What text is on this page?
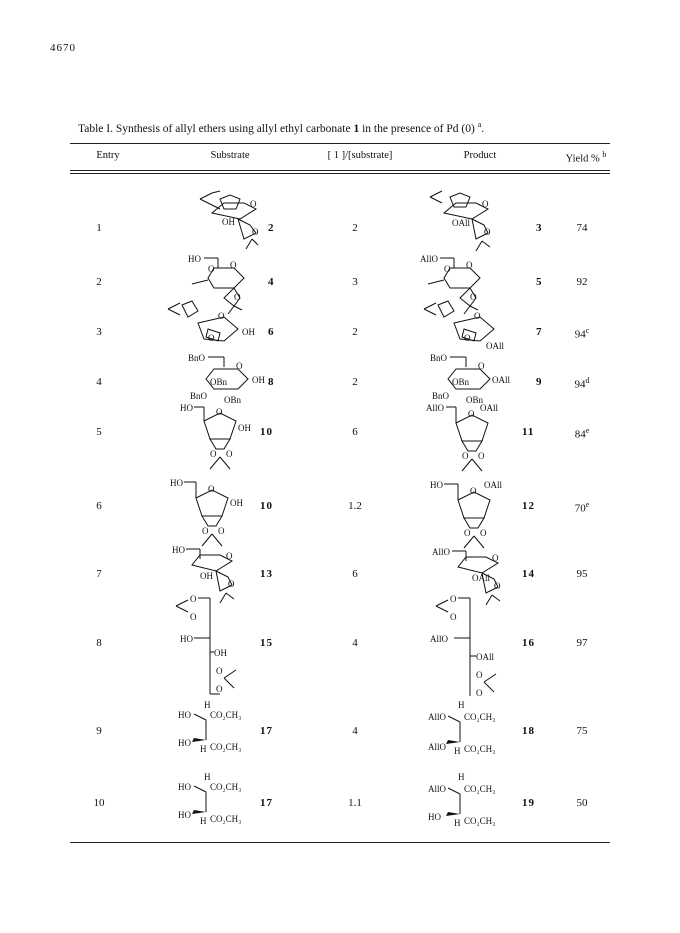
4670
Table I. Synthesis of allyl ethers using allyl ethyl carbonate 1 in the presence of Pd (0) $^a$.
Entry	Substrate	[ 1 ]/[substrate]	Product	Yield % $^b$
1	2	2	3	74
2	4	3	5	92
3	6	2	7	94$^c$
4	8	2	9	94$^d$
5	10	6	11	84e
6	10	1.2	12	70e
7	13	6	14	95
8	15	4	16	97
9	17	4	18	75
10	17	1.1	19	50
O
OH
O
O
OAll
O
HO
O
O
O
AllO
O
O
O
O
O
OH
O
O
OAll
BnO
O
OBn	OH
BnO OBn
BnO
O
OBn	OAll
BnO OBn
HO	O
OH
O O
AllO
O
OAll
O O
HO
O
OH
O O
HO
O
OAll
O O
HO
O
OH
O
AllO
O
OAll
O
O
O
HO
OH
O
O
O
O
AllO
OAll
O
O
H
HO CO₂CH₃
HO CO₂CH₃
H
H
AllO CO₂CH₃
AllO CO₂CH₃
H
H
HO CO₂CH₃
HO CO₂CH₃
H
H
AllO CO₂CH₃
HO	CO₂CH₃
H
